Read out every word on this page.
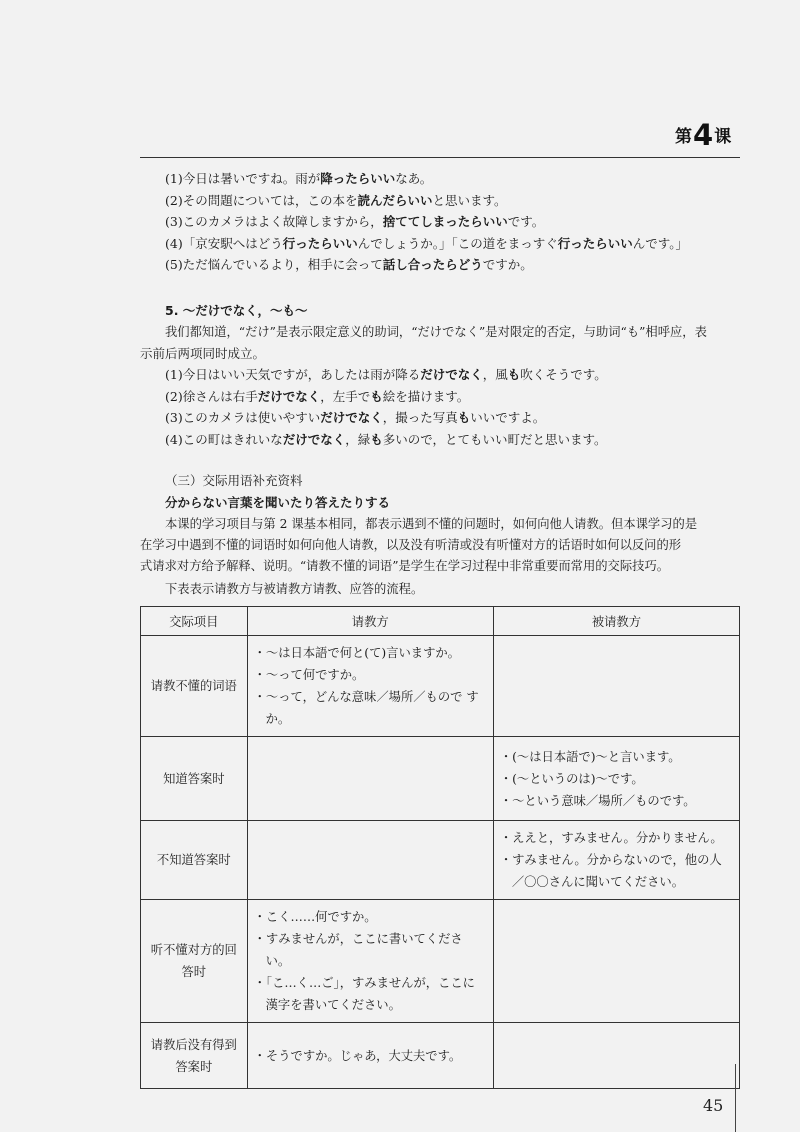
第4课
(1)今日は暑いですね。雨が降ったらいいなあ。
(2)その問題については，この本を読んだらいいと思います。
(3)このカメラはよく故障しますから，捨ててしまったらいいです。
(4)「京安駅へはどう行ったらいいんでしょうか。」「この道をまっすぐ行ったらいいんです。」
(5)ただ悩んでいるより，相手に会って話し合ったらどうですか。
5. ～だけでなく，～も～
我们都知道，“だけ”是表示限定意义的助词，“だけでなく”是对限定的否定，与助词“も”相呼应，表
示前后两项同时成立。
(1)今日はいい天気ですが，あしたは雨が降るだけでなく，風も吹くそうです。
(2)徐さんは右手だけでなく，左手でも絵を描けます。
(3)このカメラは使いやすいだけでなく，撮った写真もいいですよ。
(4)この町はきれいなだけでなく，緑も多いので，とてもいい町だと思います。
（三）交际用语补充资料
分からない言葉を聞いたり答えたりする
本课的学习项目与第 2 课基本相同，都表示遇到不懂的问题时，如何向他人请教。但本课学习的是
在学习中遇到不懂的词语时如何向他人请教，以及没有听清或没有听懂对方的话语时如何以反问的形
式请求对方给予解释、说明。“请教不懂的词语”是学生在学习过程中非常重要而常用的交际技巧。
下表表示请教方与被请教方请教、应答的流程。
交际项目	请教方	被请教方
请教不懂的词语	・～は日本語で何と(て)言いますか。
・～って何ですか。
・～って，どんな意味／場所／もので すか。	

知道答案时		・(～は日本語で)～と言います。
・(～というのは)～です。
・～という意味／場所／ものです。

不知道答案时		・ええと，すみません。分かりません。
・すみません。分からないので，他の人／〇〇さんに聞いてください。

听不懂对方的回答时	・こく……何ですか。
・すみませんが，ここに書いてください。
・「こ…く…ご」，すみませんが，ここに漢字を書いてください。	

请教后没有得到答案时	・そうですか。じゃあ，大丈夫です。	

45
